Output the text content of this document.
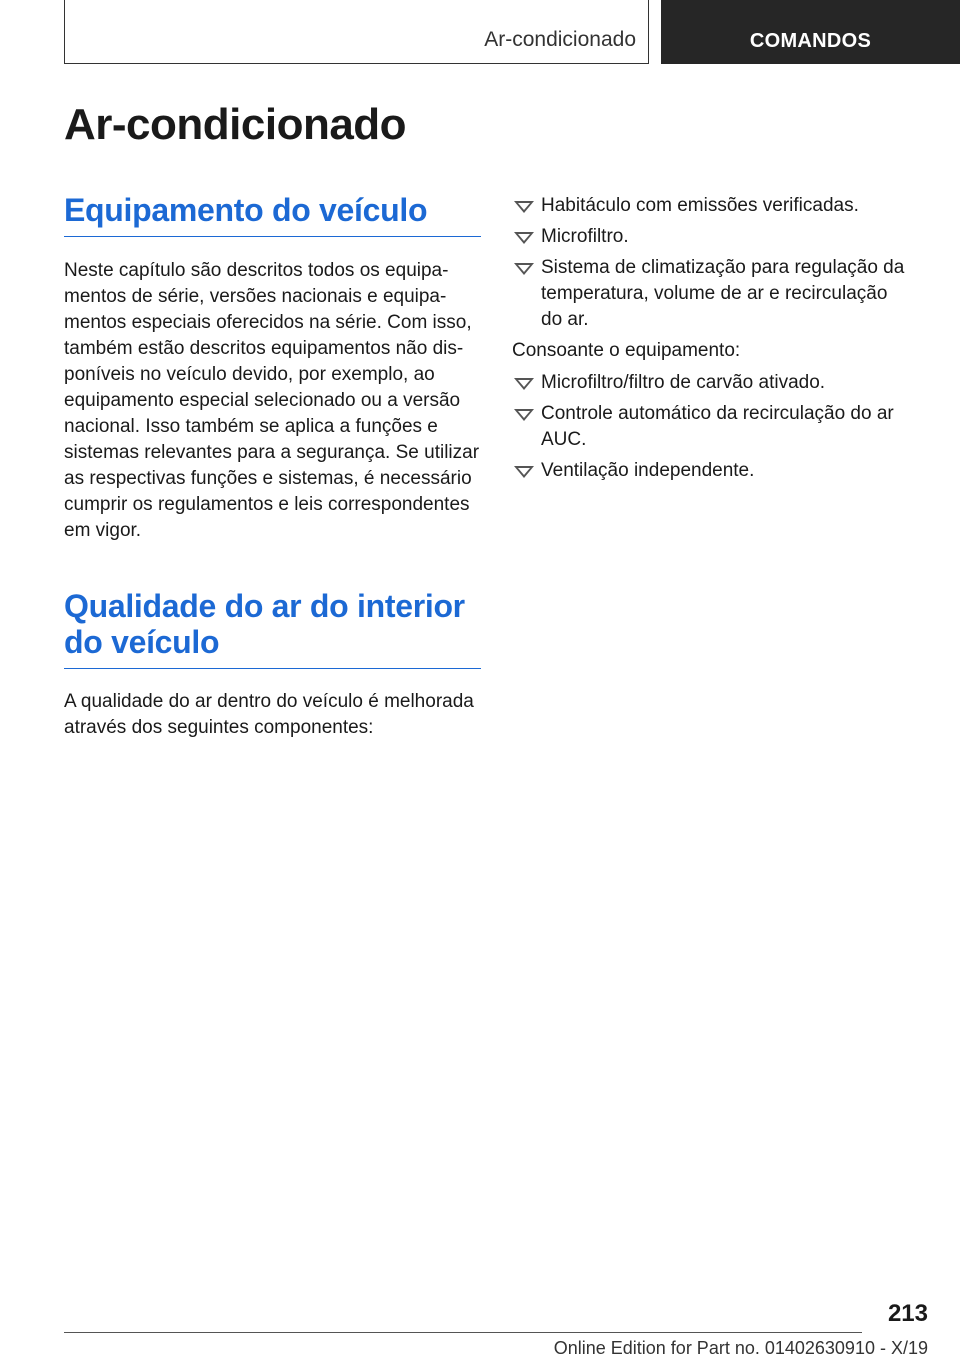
Ar-condicionado	COMANDOS
Ar-condicionado
Equipamento do veículo

Neste capítulo são descritos todos os equipamentos de série, versões nacionais e equipamentos especiais oferecidos na série. Com isso, também estão descritos equipamentos não disponíveis no veículo devido, por exemplo, ao equipamento especial selecionado ou a versão nacional. Isso também se aplica a funções e sistemas relevantes para a segurança. Se utilizar as respectivas funções e sistemas, é necessário cumprir os regulamentos e leis correspondentes em vigor.

Qualidade do ar do interior do veículo

A qualidade do ar dentro do veículo é melhorada através dos seguintes componentes:

Habitáculo com emissões verificadas.
Microfiltro.
Sistema de climatização para regulação da temperatura, volume de ar e recirculação do ar.

Consoante o equipamento:

Microfiltro/filtro de carvão ativado.
Controle automático da recirculação do ar AUC.
Ventilação independente.
213
Online Edition for Part no. 01402630910 - X/19
